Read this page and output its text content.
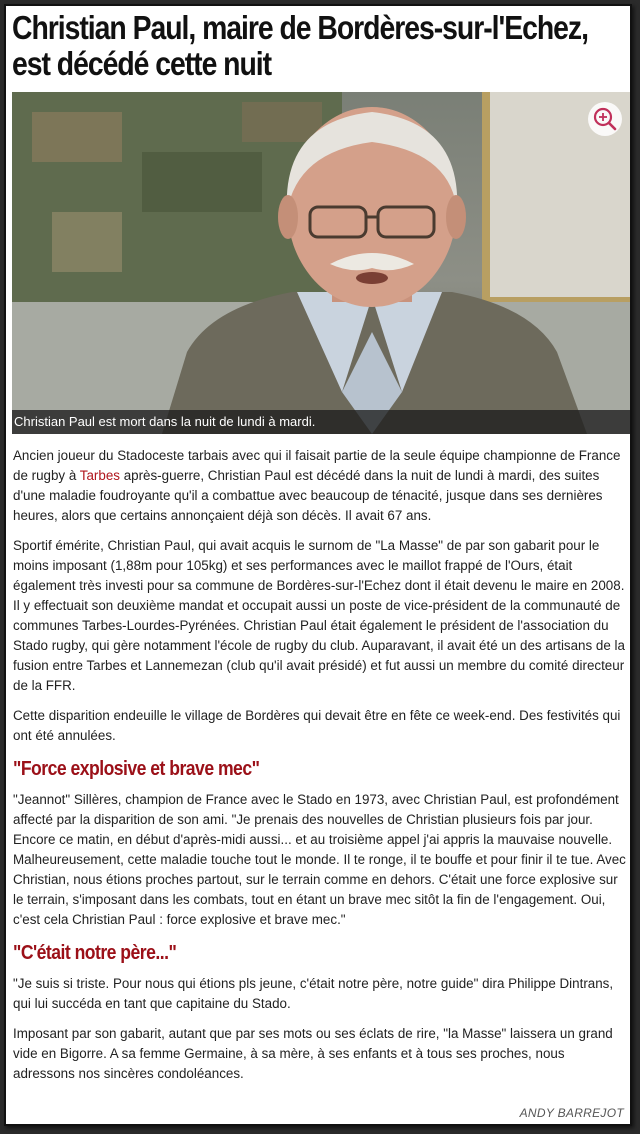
Christian Paul, maire de Bordères-sur-l'Echez, est décédé cette nuit
Christian Paul est mort dans la nuit de lundi à mardi.

Ancien joueur du Stadoceste tarbais avec qui il faisait partie de la seule équipe championne de France de rugby à Tarbes après-guerre, Christian Paul est décédé dans la nuit de lundi à mardi, des suites d'une maladie foudroyante qu'il a combattue avec beaucoup de ténacité, jusque dans ses dernières heures, alors que certains annonçaient déjà son décès. Il avait 67 ans.

Sportif émérite, Christian Paul, qui avait acquis le surnom de "La Masse" de par son gabarit pour le moins imposant (1,88m pour 105kg) et ses performances avec le maillot frappé de l'Ours, était également très investi pour sa commune de Bordères-sur-l'Echez dont il était devenu le maire en 2008. Il y effectuait son deuxième mandat et occupait aussi un poste de vice-président de la communauté de communes Tarbes-Lourdes-Pyrénées. Christian Paul était également le président de l'association du Stado rugby, qui gère notamment l'école de rugby du club. Auparavant, il avait été un des artisans de la fusion entre Tarbes et Lannemezan (club qu'il avait présidé) et fut aussi un membre du comité directeur de la FFR.

Cette disparition endeuille le village de Bordères qui devait être en fête ce week-end. Des festivités qui ont été annulées.

"Force explosive et brave mec"

"Jeannot" Sillères, champion de France avec le Stado en 1973, avec Christian Paul, est profondément affecté par la disparition de son ami. "Je prenais des nouvelles de Christian plusieurs fois par jour. Encore ce matin, en début d'après-midi aussi... et au troisième appel j'ai appris la mauvaise nouvelle. Malheureusement, cette maladie touche tout le monde. Il te ronge, il te bouffe et pour finir il te tue. Avec Christian, nous étions proches partout, sur le terrain comme en dehors. C'était une force explosive sur le terrain, s'imposant dans les combats, tout en étant un brave mec sitôt la fin de l'engagement. Oui, c'est cela Christian Paul : force explosive et brave mec."

"C'était notre père..."

"Je suis si triste. Pour nous qui étions pls jeune, c'était notre père, notre guide" dira Philippe Dintrans, qui lui succéda en tant que capitaine du Stado.

Imposant par son gabarit, autant que par ses mots ou ses éclats de rire, "la Masse" laissera un grand vide en Bigorre. A sa femme Germaine, à sa mère, à ses enfants et à tous ses proches, nous adressons nos sincères condoléances.

ANDY BARREJOT
